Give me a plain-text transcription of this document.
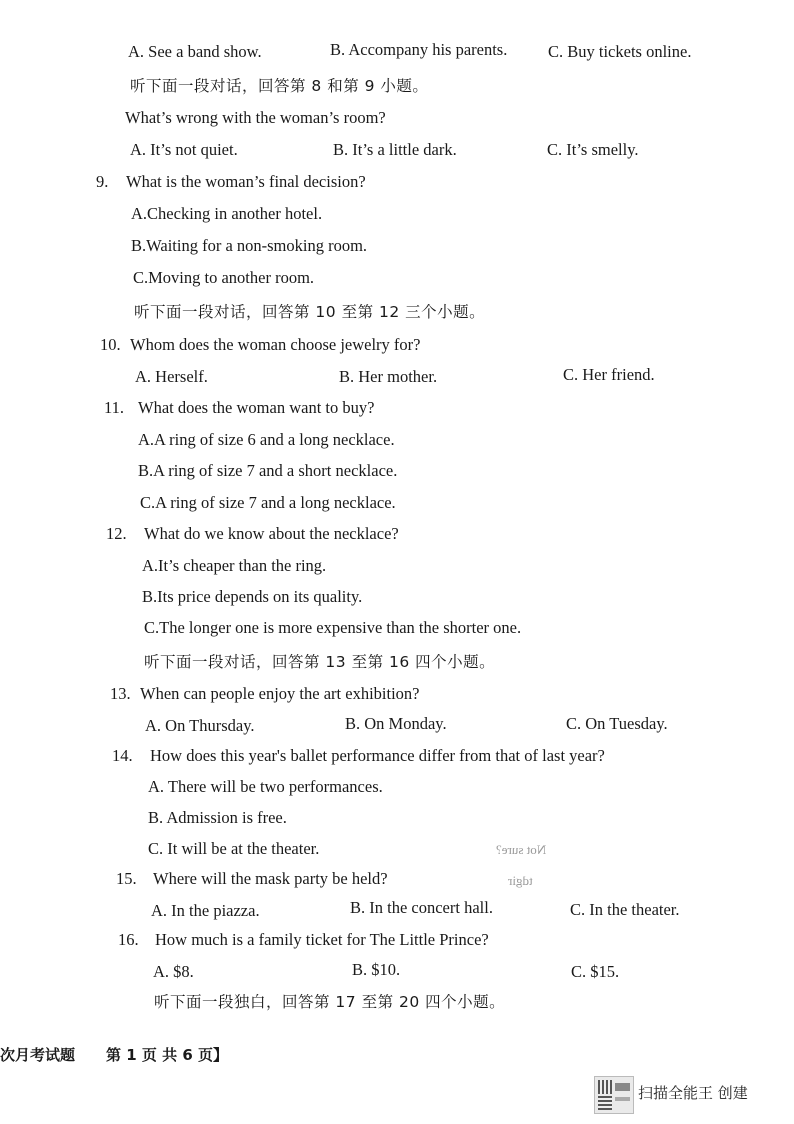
A. See a band show.	B. Accompany his parents. C. Buy tickets online.
听下面一段对话，回答第 8 和第 9 小题。
What’s wrong with the woman’s room?
A. It’s not quiet.	B. It’s a little dark.	C. It’s smelly.
9. What is the woman’s final decision?
A.Checking in another hotel.
B.Waiting for a non-smoking room.
C.Moving to another room.
听下面一段对话，回答第 10 至第 12 三个小题。
10. Whom does the woman choose jewelry for?
A. Herself.	B. Her mother.	C. Her friend.
11. What does the woman want to buy?
A.A ring of size 6 and a long necklace.
B.A ring of size 7 and a short necklace.
C.A ring of size 7 and a long necklace.
12. What do we know about the necklace?
A.It’s cheaper than the ring.
B.Its price depends on its quality.
C.The longer one is more expensive than the shorter one.
听下面一段对话，回答第 13 至第 16 四个小题。
13. When can people enjoy the art exhibition?
A. On Thursday.	B. On Monday.	C. On Tuesday.
14. How does this year's ballet performance differ from that of last year?
A. There will be two performances.
B. Admission is free.
C. It will be at the theater.	Not sure?
tdgir
15. Where will the mask party be held?
A. In the piazza.	B. In the concert hall.	C. In the theater.
16. How much is a family ticket for The Little Prince?
A. $8.	B. $10.	C. $15.
听下面一段独白，回答第 17 至第 20 四个小题。
次月考试题 第 1 页 共 6 页】
扫描全能王 创建
